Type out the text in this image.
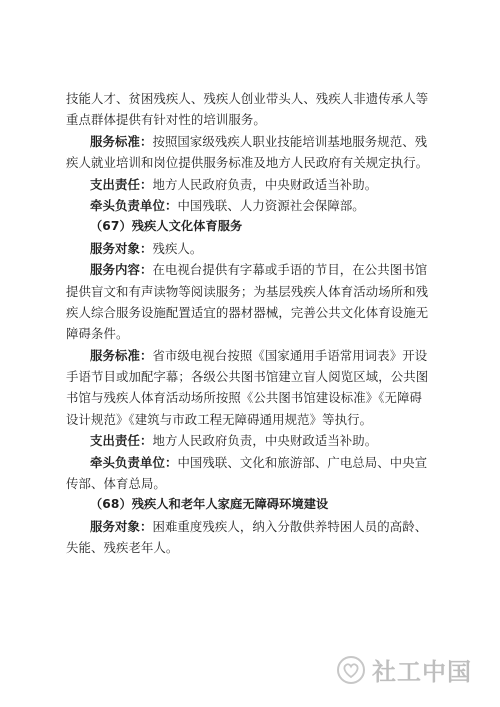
技能人才、贫困残疾人、残疾人创业带头人、残疾人非遗传承人等
重点群体提供有针对性的培训服务。
服务标准：按照国家级残疾人职业技能培训基地服务规范、残
疾人就业培训和岗位提供服务标准及地方人民政府有关规定执行。
支出责任：地方人民政府负责，中央财政适当补助。
牵头负责单位：中国残联、人力资源社会保障部。
（67）残疾人文化体育服务
服务对象：残疾人。
服务内容：在电视台提供有字幕或手语的节目，在公共图书馆
提供盲文和有声读物等阅读服务；为基层残疾人体育活动场所和残
疾人综合服务设施配置适宜的器材器械，完善公共文化体育设施无
障碍条件。
服务标准：省市级电视台按照《国家通用手语常用词表》开设
手语节目或加配字幕；各级公共图书馆建立盲人阅览区域，公共图
书馆与残疾人体育活动场所按照《公共图书馆建设标准》《无障碍
设计规范》《建筑与市政工程无障碍通用规范》等执行。
支出责任：地方人民政府负责，中央财政适当补助。
牵头负责单位：中国残联、文化和旅游部、广电总局、中央宣
传部、体育总局。
（68）残疾人和老年人家庭无障碍环境建设
服务对象：困难重度残疾人，纳入分散供养特困人员的高龄、
失能、残疾老年人。
社工中国
